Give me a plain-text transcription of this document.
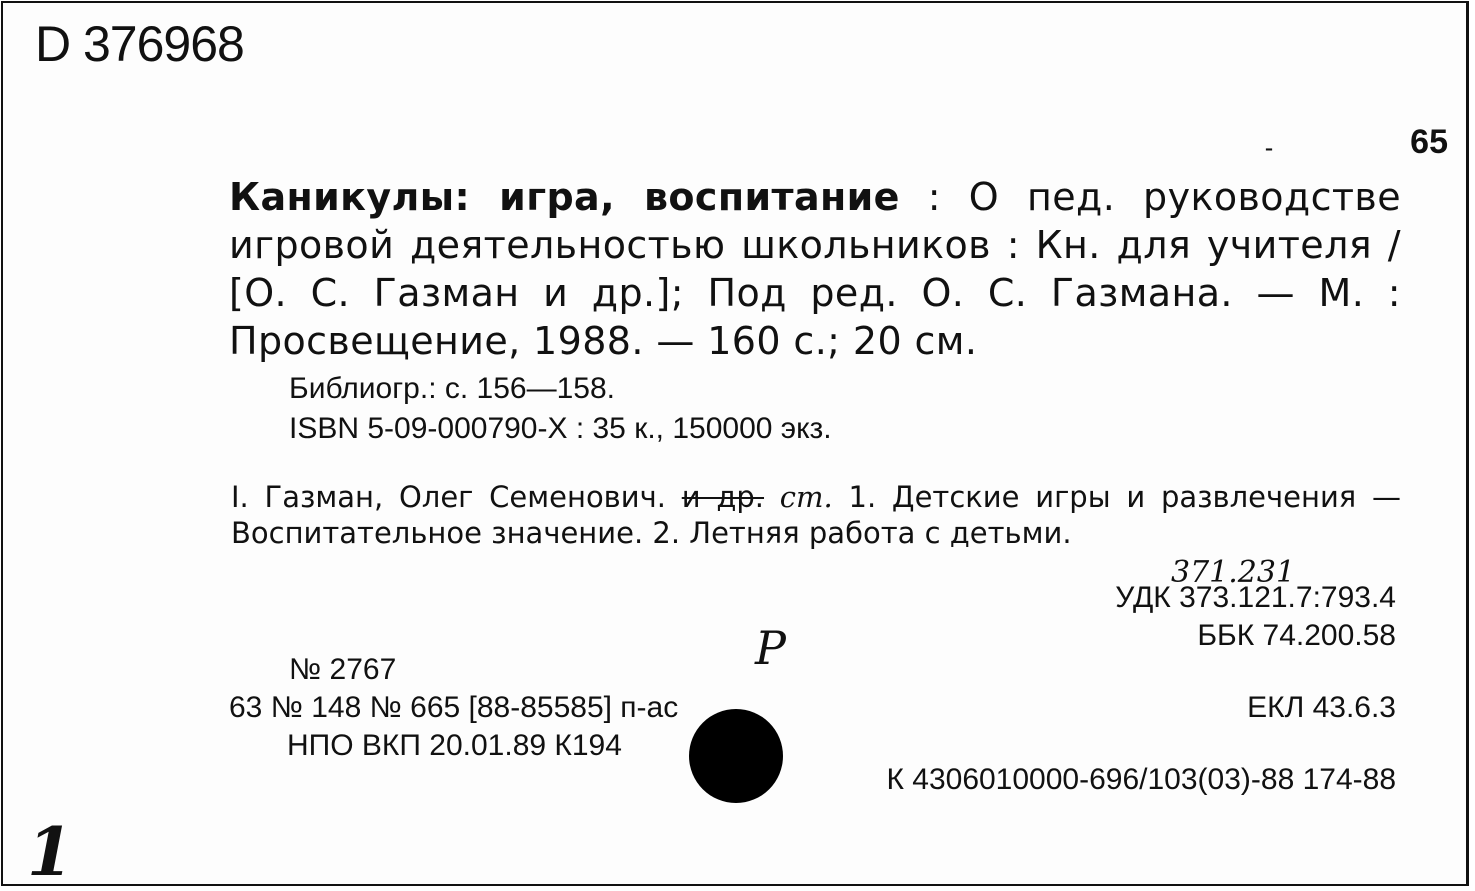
D 376968
-	65
Каникулы: игра, воспитание : О пед. руководстве игровой деятельностью школьников : Кн. для учителя / [О. С. Газман и др.]; Под ред. О. С. Газмана. — М. : Просвещение, 1988. — 160 с.; 20 см.
Библиогр.: с. 156—158.
ISBN 5-09-000790-X : 35 к., 150000 экз.
I. Газман, Олег Семенович. и др. ст. 1. Детские игры и развлечения — Воспитательное значение. 2. Летняя работа с детьми.
371.231
УДК 373.121.7:793.4
ББК 74.200.58
ЕКЛ 43.6.3
К 4306010000-696/103(03)-88 174-88
№ 2767
63 № 148 № 665 [88-85585] п-ас
НПО ВКП 20.01.89 К194
Р
1
